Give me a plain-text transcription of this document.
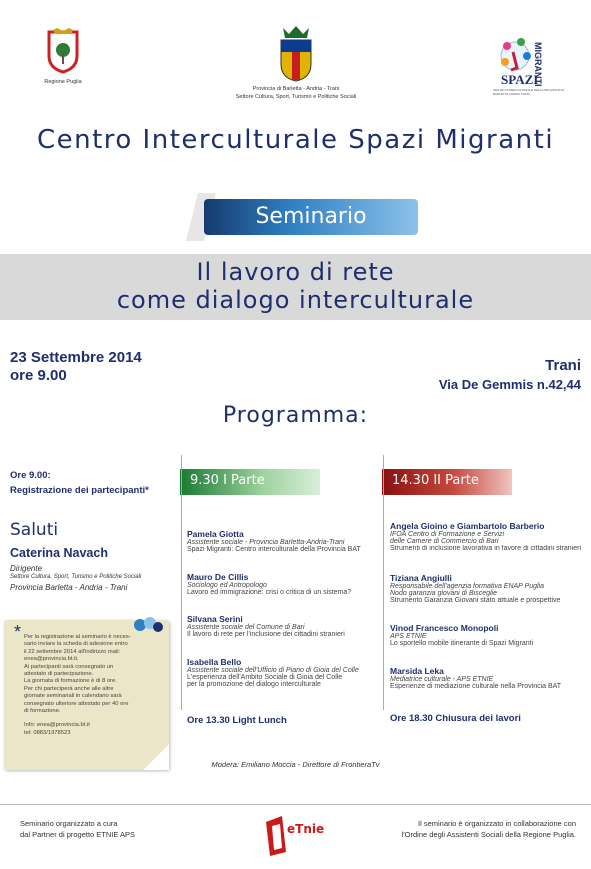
Regione Puglia
Provincia di Barletta - Andria - Trani
Settore Cultura, Sport, Turismo e Politiche Sociali
SPAZI
MIGRANTI
CENTRO INTERCULTURALE DELLA PROVINCIA DI BARLETTA ANDRIA TRANI
Centro Interculturale Spazi Migranti
Seminario
Il lavoro di rete
come dialogo interculturale
23 Settembre 2014
ore 9.00
Trani
Via De Gemmis n.42,44
Programma:
Ore 9.00:
Registrazione dei partecipanti*
9.30 I Parte	14.30 II Parte
Saluti
Caterina Navach
Dirigente
Settore Cultura, Sport, Turismo e Politiche Sociali
Provincia Barletta - Andria - Trani
* Per la registrazione al seminario è neces-
sario inviare la scheda di adesione entro
il 22 settembre 2014 all'indirizzo mail:
enea@provincia.bt.it.
Ai partecipanti sarà consegnato un
attestato di partecipazione.
La giornata di formazione è di 8 ore.
Per chi parteciperà anche alle altre
giornate seminariali in calendario sarà
consegnato ulteriore attestato per 40 ore
di formazione.
Info: enea@provincia.bt.it
tel: 0883/1978523
Pamela Giotta
Assistente sociale - Provincia Barletta-Andria-Trani
Spazi Migranti: Centro interculturale della Provincia BAT
Mauro De Cillis
Sociologo ed Antropologo
Lavoro ed immigrazione: crisi o critica di un sistema?
Silvana Serini
Assistente sociale del Comune di Bari
Il lavoro di rete per l'inclusione dei cittadini stranieri
Isabella Bello
Assistente sociale dell'Ufficio di Piano di Gioia del Colle
L'esperienza dell'Ambito Sociale di Gioia del Colle
per la promozione del dialogo interculturale
Angela Gioino e Giambartolo Barberio
IFOA Centro di Formazione e Servizi
delle Camere di Commercio di Bari
Strumenti di inclusione lavorativa in favore di cittadini stranieri
Tiziana Angiulli
Responsabile dell'agenzia formativa ENAP Puglia
Nodo garanzia giovani di Bisceglie
Strumento Garanzia Giovani stato attuale e prospettive
Vinod Francesco Monopoli
APS ETNIE
Lo sportello mobile itinerante di Spazi Migranti
Marsida Leka
Mediatrice culturale - APS ETNIE
Esperienze di mediazione culturale nella Provincia BAT
Ore 13.30 Light Lunch	Ore 18.30 Chiusura dei lavori
Modera: Emiliano Moccia - Direttore di FrontieraTv
Seminario organizzato a cura
dal Partner di progetto ETNIE APS	eTnie	Il seminario è organizzato in collaborazione con
l'Ordine degli Assistenti Sociali della Regione Puglia.
